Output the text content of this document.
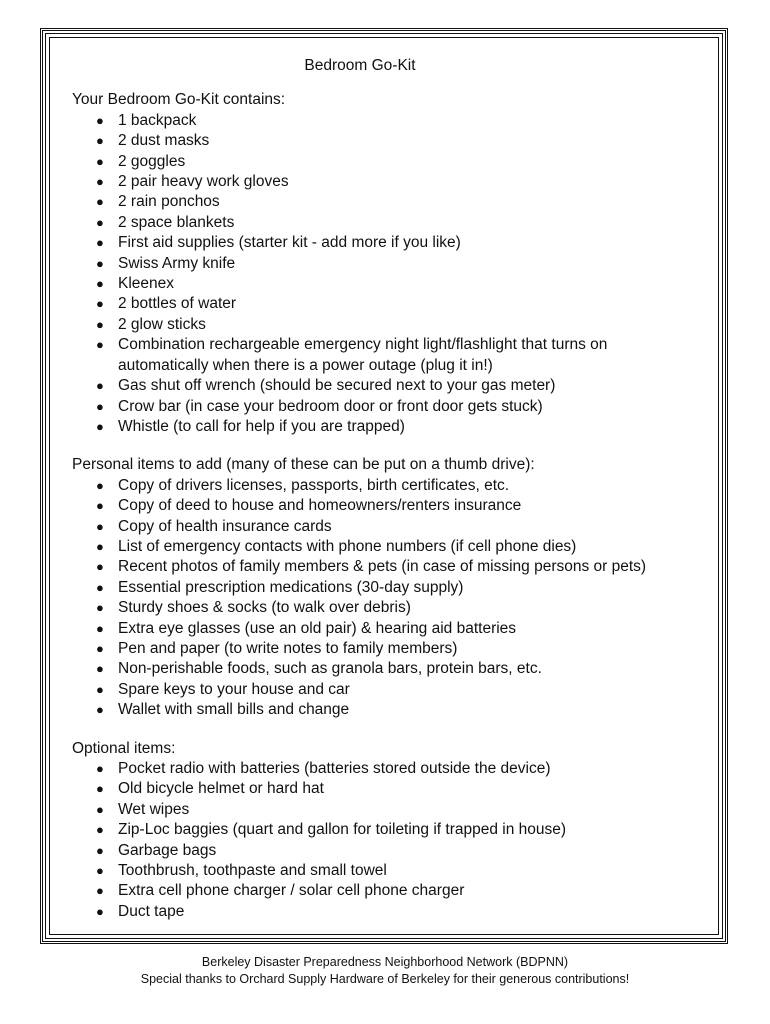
Bedroom Go-Kit
Your Bedroom Go-Kit contains:
● 1 backpack
● 2 dust masks
● 2 goggles
● 2 pair heavy work gloves
● 2 rain ponchos
● 2 space blankets
● First aid supplies (starter kit - add more if you like)
● Swiss Army knife
● Kleenex
● 2 bottles of water
● 2 glow sticks
● Combination rechargeable emergency night light/flashlight that turns on automatically when there is a power outage (plug it in!)
● Gas shut off wrench (should be secured next to your gas meter)
● Crow bar (in case your bedroom door or front door gets stuck)
● Whistle (to call for help if you are trapped)
Personal items to add (many of these can be put on a thumb drive):
● Copy of drivers licenses, passports, birth certificates, etc.
● Copy of deed to house and homeowners/renters insurance
● Copy of health insurance cards
● List of emergency contacts with phone numbers (if cell phone dies)
● Recent photos of family members & pets (in case of missing persons or pets)
● Essential prescription medications (30-day supply)
● Sturdy shoes & socks (to walk over debris)
● Extra eye glasses (use an old pair) & hearing aid batteries
● Pen and paper (to write notes to family members)
● Non-perishable foods, such as granola bars, protein bars, etc.
● Spare keys to your house and car
● Wallet with small bills and change
Optional items:
● Pocket radio with batteries (batteries stored outside the device)
● Old bicycle helmet or hard hat
● Wet wipes
● Zip-Loc baggies (quart and gallon for toileting if trapped in house)
● Garbage bags
● Toothbrush, toothpaste and small towel
● Extra cell phone charger / solar cell phone charger
● Duct tape
Berkeley Disaster Preparedness Neighborhood Network (BDPNN)
Special thanks to Orchard Supply Hardware of Berkeley for their generous contributions!
